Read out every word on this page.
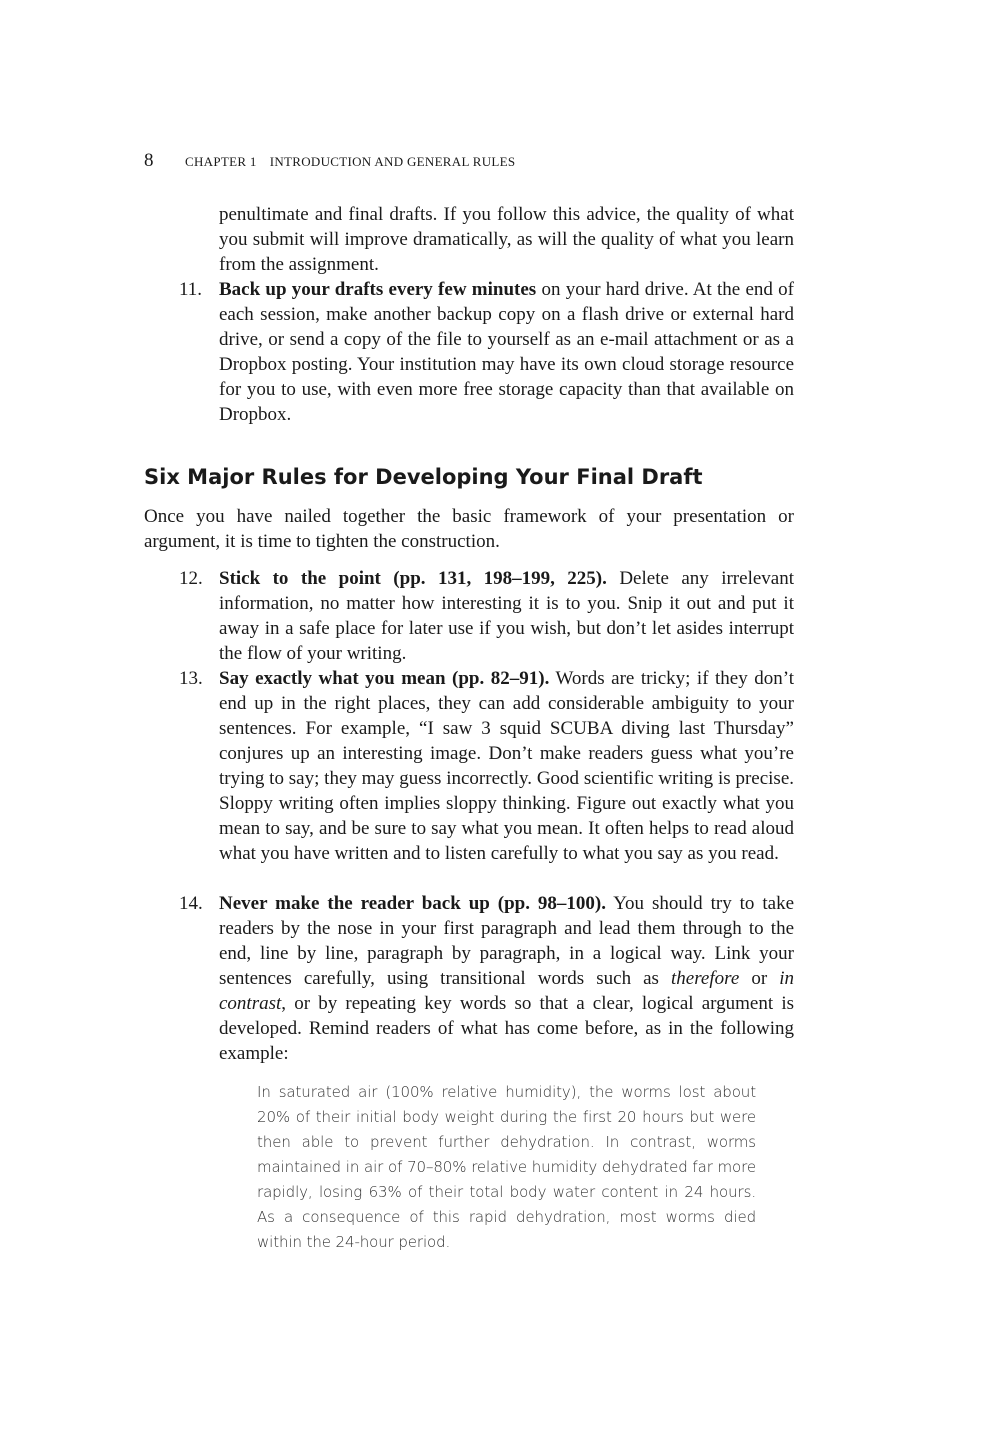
8	CHAPTER 1 INTRODUCTION AND GENERAL RULES

penultimate and final drafts. If you follow this advice, the quality of what you submit will improve dramatically, as will the quality of what you learn from the assignment.

11. Back up your drafts every few minutes on your hard drive. At the end of each session, make another backup copy on a flash drive or external hard drive, or send a copy of the file to yourself as an e-mail attachment or as a Dropbox posting. Your institution may have its own cloud storage resource for you to use, with even more free storage capacity than that available on Dropbox.

Six Major Rules for Developing Your Final Draft

Once you have nailed together the basic framework of your presentation or argument, it is time to tighten the construction.

12. Stick to the point (pp. 131, 198–199, 225). Delete any irrelevant information, no matter how interesting it is to you. Snip it out and put it away in a safe place for later use if you wish, but don’t let asides interrupt the flow of your writing.

13. Say exactly what you mean (pp. 82–91). Words are tricky; if they don’t end up in the right places, they can add considerable ambiguity to your sentences. For example, “I saw 3 squid SCUBA diving last Thursday” conjures up an interesting image. Don’t make readers guess what you’re trying to say; they may guess incorrectly. Good scientific writing is precise. Sloppy writing often implies sloppy thinking. Figure out exactly what you mean to say, and be sure to say what you mean. It often helps to read aloud what you have written and to listen carefully to what you say as you read.

14. Never make the reader back up (pp. 98–100). You should try to take readers by the nose in your first paragraph and lead them through to the end, line by line, paragraph by paragraph, in a logical way. Link your sentences carefully, using transitional words such as therefore or in contrast, or by repeating key words so that a clear, logical argument is developed. Remind readers of what has come before, as in the following example:

In saturated air (100% relative humidity), the worms lost about 20% of their initial body weight during the first 20 hours but were then able to prevent further dehydration. In contrast, worms maintained in air of 70–80% relative humidity dehydrated far more rapidly, losing 63% of their total body water content in 24 hours. As a consequence of this rapid dehydration, most worms died within the 24-hour period.
